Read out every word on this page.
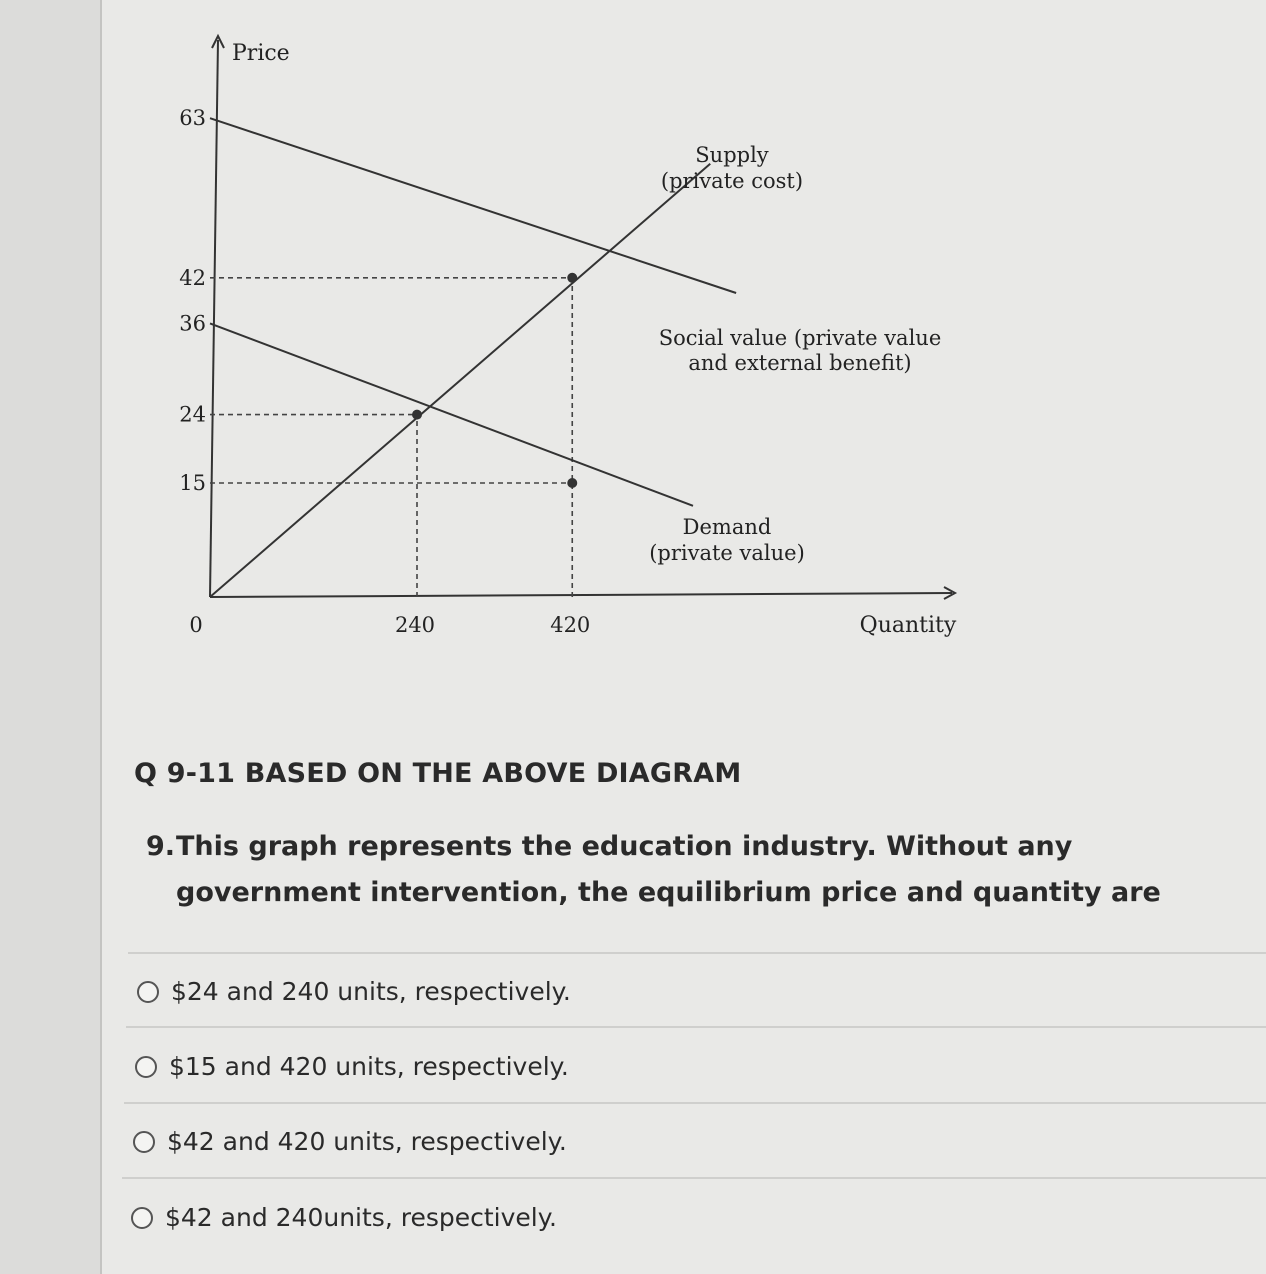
63
42
36
24
15
0	240	420
Price
Quantity
Supply
(private cost)
Social value (private value
and external benefit)
Demand
(private value)
Q 9-11 BASED ON THE ABOVE DIAGRAM
9. This graph represents the education industry. Without any government intervention, the equilibrium price and quantity are
$24 and 240 units, respectively.
$15 and 420 units, respectively.
$42 and 420 units, respectively.
$42 and 240units, respectively.
